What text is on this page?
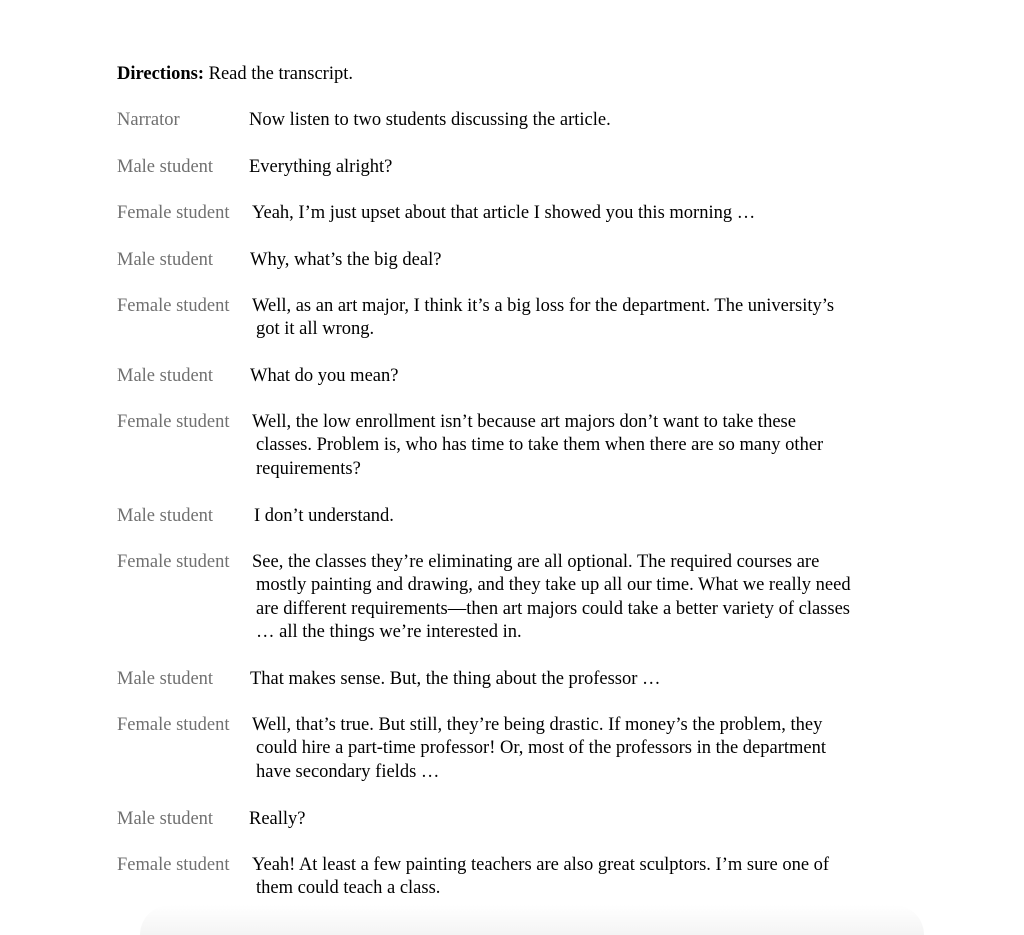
Directions: Read the transcript.
Narrator	Now listen to two students discussing the article.
Male student Everything alright?
Female student Yeah, I’m just upset about that article I showed you this morning …
Male student Why, what’s the big deal?
Female student Well, as an art major, I think it’s a big loss for the department. The university’s
got it all wrong.
Male student What do you mean?
Female student Well, the low enrollment isn’t because art majors don’t want to take these
classes. Problem is, who has time to take them when there are so many other
requirements?
Male student I don’t understand.
Female student See, the classes they’re eliminating are all optional. The required courses are
mostly painting and drawing, and they take up all our time. What we really need
are different requirements—then art majors could take a better variety of classes
… all the things we’re interested in.
Male student That makes sense. But, the thing about the professor …
Female student Well, that’s true. But still, they’re being drastic. If money’s the problem, they
could hire a part-time professor! Or, most of the professors in the department
have secondary fields …
Male student Really?
Female student Yeah! At least a few painting teachers are also great sculptors. I’m sure one of
them could teach a class.
